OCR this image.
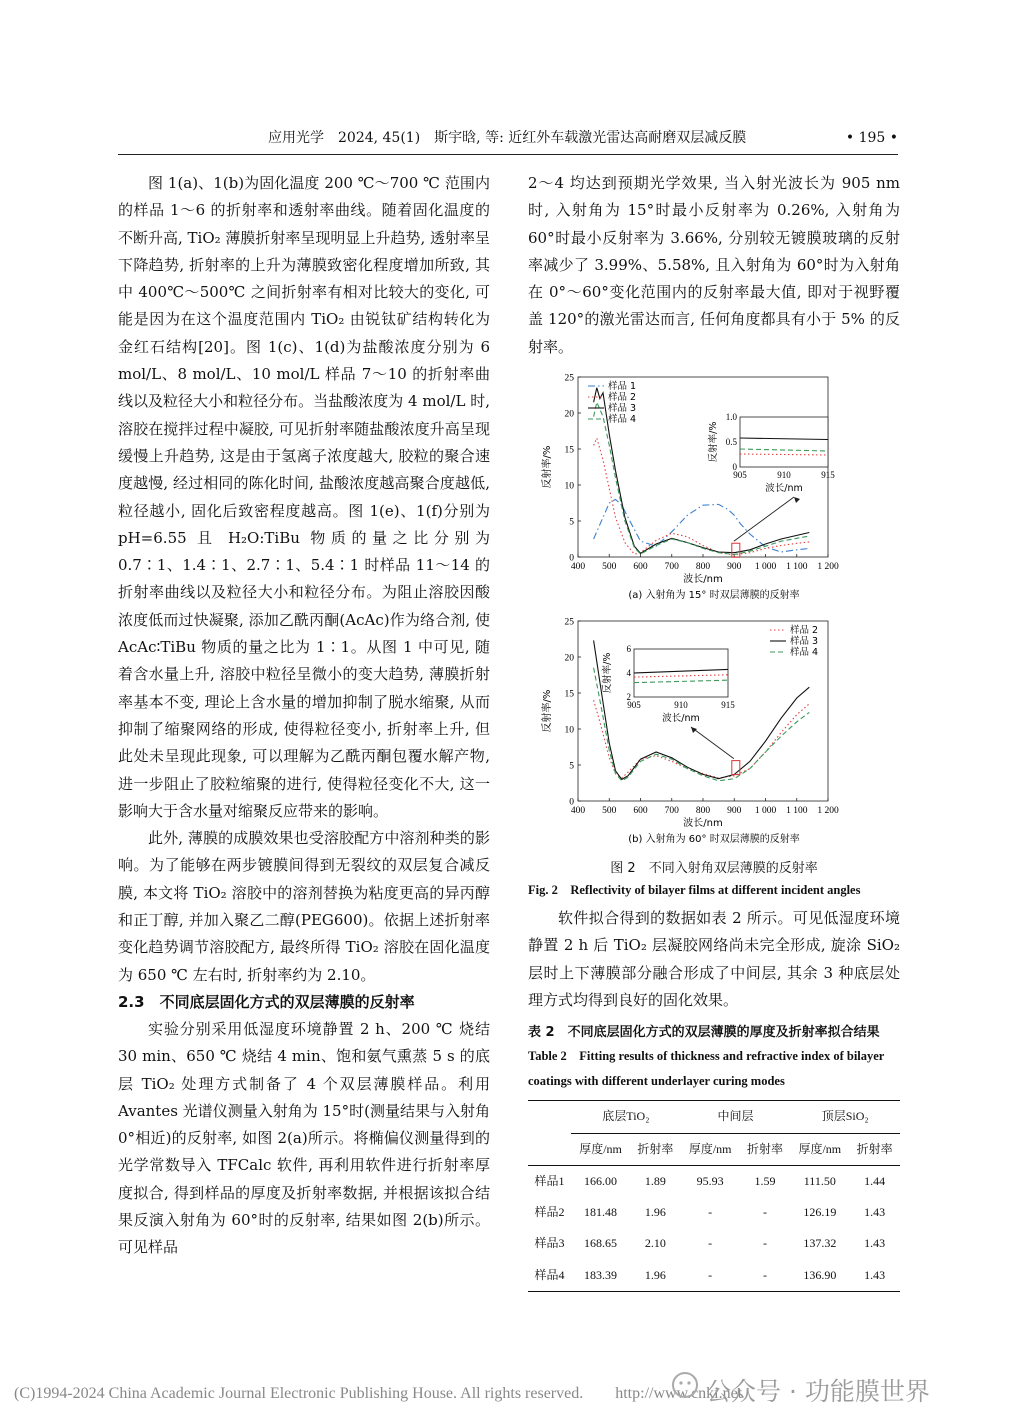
应用光学　2024, 45(1)　斯宇晗, 等: 近红外车载激光雷达高耐磨双层减反膜	• 195 •

图 1(a)、1(b)为固化温度 200 ℃～700 ℃ 范围内的样品 1～6 的折射率和透射率曲线。随着固化温度的不断升高, TiO₂ 薄膜折射率呈现明显上升趋势, 透射率呈下降趋势, 折射率的上升为薄膜致密化程度增加所致, 其中 400℃～500℃ 之间折射率有相对比较大的变化, 可能是因为在这个温度范围内 TiO₂ 由锐钛矿结构转化为金红石结构[20]。图 1(c)、1(d)为盐酸浓度分别为 6 mol/L、8 mol/L、10 mol/L 样品 7～10 的折射率曲线以及粒径大小和粒径分布。当盐酸浓度为 4 mol/L 时, 溶胶在搅拌过程中凝胶, 可见折射率随盐酸浓度升高呈现缓慢上升趋势, 这是由于氢离子浓度越大, 胶粒的聚合速度越慢, 经过相同的陈化时间, 盐酸浓度越高聚合度越低, 粒径越小, 固化后致密程度越高。图 1(e)、1(f)分别为 pH=6.55 且 H₂O:TiBu 物质的量之比分别为 0.7∶1、1.4∶1、2.7∶1、5.4∶1 时样品 11～14 的折射率曲线以及粒径大小和粒径分布。为阻止溶胶因酸浓度低而过快凝聚, 添加乙酰丙酮(AcAc)作为络合剂, 使 AcAc∶TiBu 物质的量之比为 1∶1。从图 1 中可见, 随着含水量上升, 溶胶中粒径呈微小的变大趋势, 薄膜折射率基本不变, 理论上含水量的增加抑制了脱水缩聚, 从而抑制了缩聚网络的形成, 使得粒径变小, 折射率上升, 但此处未呈现此现象, 可以理解为乙酰丙酮包覆水解产物, 进一步阻止了胶粒缩聚的进行, 使得粒径变化不大, 这一影响大于含水量对缩聚反应带来的影响。

此外, 薄膜的成膜效果也受溶胶配方中溶剂种类的影响。为了能够在两步镀膜间得到无裂纹的双层复合减反膜, 本文将 TiO₂ 溶胶中的溶剂替换为粘度更高的异丙醇和正丁醇, 并加入聚乙二醇(PEG600)。依据上述折射率变化趋势调节溶胶配方, 最终所得 TiO₂ 溶胶在固化温度为 650 ℃ 左右时, 折射率约为 2.10。

2.3　不同底层固化方式的双层薄膜的反射率

实验分别采用低湿度环境静置 2 h、200 ℃ 烧结 30 min、650 ℃ 烧结 4 min、饱和氨气熏蒸 5 s 的底层 TiO₂ 处理方式制备了 4 个双层薄膜样品。利用 Avantes 光谱仪测量入射角为 15°时(测量结果与入射角 0°相近)的反射率, 如图 2(a)所示。将椭偏仪测量得到的光学常数导入 TFCalc 软件, 再利用软件进行折射率厚度拟合, 得到样品的厚度及折射率数据, 并根据该拟合结果反演入射角为 60°时的反射率, 结果如图 2(b)所示。可见样品

2～4 均达到预期光学效果, 当入射光波长为 905 nm 时, 入射角为 15°时最小反射率为 0.26%, 入射角为 60°时最小反射率为 3.66%, 分别较无镀膜玻璃的反射率减少了 3.99%、5.58%, 且入射角为 60°时为入射角在 0°～60°变化范围内的反射率最大值, 即对于视野覆盖 120°的激光雷达而言, 任何角度都具有小于 5% 的反射率。

400 500 600 700 800 900 1 000 1 100 1 200
0
5
10
15
20
25
波长/nm
反射率/%
样品 1
样品 2
样品 3
样品 4
905	910	915
0
0.5
1.0
波长/nm
反射率/%
(a) 入射角为 15° 时双层薄膜的反射率
400 500 600 700 800 900 1 000 1 100 1 200
0
5
10
15
20
25
波长/nm
反射率/%
样品 2
样品 3
样品 4
905	910	915
2
4
6
波长/nm
反射率/%
(b) 入射角为 60° 时双层薄膜的反射率
图 2　不同入射角双层薄膜的反射率
Fig. 2　Reflectivity of bilayer films at different incident angles

软件拟合得到的数据如表 2 所示。可见低湿度环境静置 2 h 后 TiO₂ 层凝胶网络尚未完全形成, 旋涂 SiO₂ 层时上下薄膜部分融合形成了中间层, 其余 3 种底层处理方式均得到良好的固化效果。

表 2　不同底层固化方式的双层薄膜的厚度及折射率拟合结果
Table 2　Fitting results of thickness and refractive index of bilayer coatings with different underlayer curing modes
	底层TiO₂		中间层		顶层SiO₂	
	厚度/nm	折射率	厚度/nm	折射率	厚度/nm	折射率
样品1	166.00	1.89	95.93	1.59	111.50	1.44
样品2	181.48	1.96	-	-	126.19	1.43
样品3	168.65	2.10	-	-	137.32	1.43
样品4	183.39	1.96	-	-	136.90	1.43
(C)1994-2024 China Academic Journal Electronic Publishing House. All rights reserved.　　http://www.cnki.net
公众号 · 功能膜世界
